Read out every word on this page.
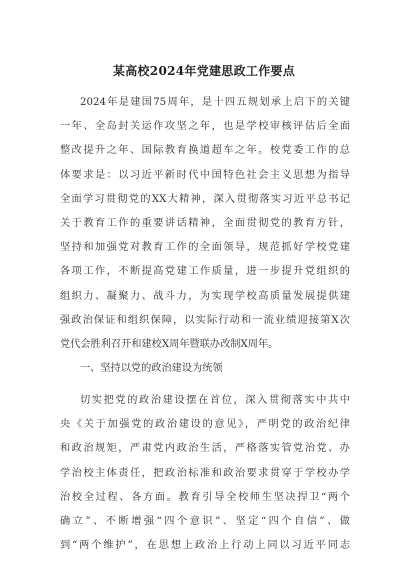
某高校2024年党建思政工作要点
2024年是建国75周年，是十四五规划承上启下的关键
一年、全岛封关运作攻坚之年，也是学校审核评估后全面
整改提升之年、国际教育换道超车之年。校党委工作的总
体要求是：以习近平新时代中国特色社会主义思想为指导
全面学习贯彻党的XX大精神，深入贯彻落实习近平总书记
关于教育工作的重要讲话精神，全面贯彻党的教育方针，
坚持和加强党对教育工作的全面领导，规范抓好学校党建
各项工作，不断提高党建工作质量，进一步提升党组织的
组织力、凝聚力、战斗力，为实现学校高质量发展提供建
强政治保证和组织保障，以实际行动和一流业绩迎接第X次
党代会胜利召开和建校X周年暨联办改制X周年。
一、坚持以党的政治建设为统领
切实把党的政治建设摆在首位，深入贯彻落实中共中
央《关于加强党的政治建设的意见》，严明党的政治纪律
和政治规矩，严肃党内政治生活，严格落实管党治党、办
学治校主体责任，把政治标准和政治要求贯穿于学校办学
治校全过程、各方面。教育引导全校师生坚决捍卫“两个
确立”、不断增强“四个意识”、坚定“四个自信”、做
到“两个维护”，在思想上政治上行动上同以习近平同志
